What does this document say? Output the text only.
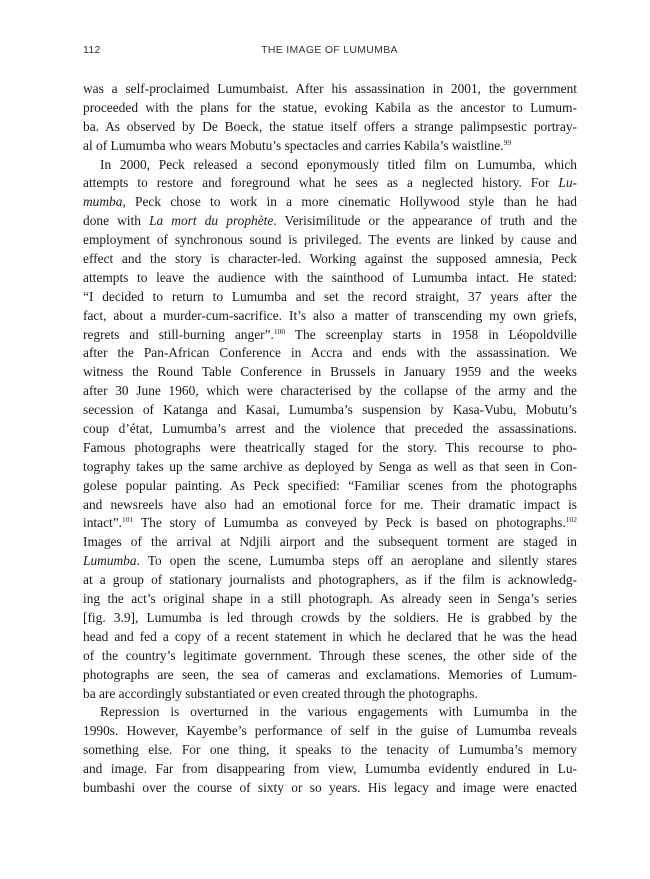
112	THE IMAGE OF LUMUMBA
was a self-proclaimed Lumumbaist. After his assassination in 2001, the government
proceeded with the plans for the statue, evoking Kabila as the ancestor to Lumum-
ba. As observed by De Boeck, the statue itself offers a strange palimpsestic portray-
al of Lumumba who wears Mobutu’s spectacles and carries Kabila’s waistline.$^{99}$
In 2000, Peck released a second eponymously titled film on Lumumba, which
attempts to restore and foreground what he sees as a neglected history. For Lu-
mumba, Peck chose to work in a more cinematic Hollywood style than he had
done with La mort du prophète. Verisimilitude or the appearance of truth and the
employment of synchronous sound is privileged. The events are linked by cause and
effect and the story is character-led. Working against the supposed amnesia, Peck
attempts to leave the audience with the sainthood of Lumumba intact. He stated:
“I decided to return to Lumumba and set the record straight, 37 years after the
fact, about a murder-cum-sacrifice. It’s also a matter of transcending my own griefs,
regrets and still-burning anger”.$^{100}$ The screenplay starts in 1958 in Léopoldville
after the Pan-African Conference in Accra and ends with the assassination. We
witness the Round Table Conference in Brussels in January 1959 and the weeks
after 30 June 1960, which were characterised by the collapse of the army and the
secession of Katanga and Kasai, Lumumba’s suspension by Kasa-Vubu, Mobutu’s
coup d’état, Lumumba’s arrest and the violence that preceded the assassinations.
Famous photographs were theatrically staged for the story. This recourse to pho-
tography takes up the same archive as deployed by Senga as well as that seen in Con-
golese popular painting. As Peck specified: “Familiar scenes from the photographs
and newsreels have also had an emotional force for me. Their dramatic impact is
intact”.$^{101}$ The story of Lumumba as conveyed by Peck is based on photographs.$^{102}$
Images of the arrival at Ndjili airport and the subsequent torment are staged in
Lumumba. To open the scene, Lumumba steps off an aeroplane and silently stares
at a group of stationary journalists and photographers, as if the film is acknowledg-
ing the act’s original shape in a still photograph. As already seen in Senga’s series
[fig. 3.9], Lumumba is led through crowds by the soldiers. He is grabbed by the
head and fed a copy of a recent statement in which he declared that he was the head
of the country’s legitimate government. Through these scenes, the other side of the
photographs are seen, the sea of cameras and exclamations. Memories of Lumum-
ba are accordingly substantiated or even created through the photographs.
Repression is overturned in the various engagements with Lumumba in the
1990s. However, Kayembe’s performance of self in the guise of Lumumba reveals
something else. For one thing, it speaks to the tenacity of Lumumba’s memory
and image. Far from disappearing from view, Lumumba evidently endured in Lu-
bumbashi over the course of sixty or so years. His legacy and image were enacted
